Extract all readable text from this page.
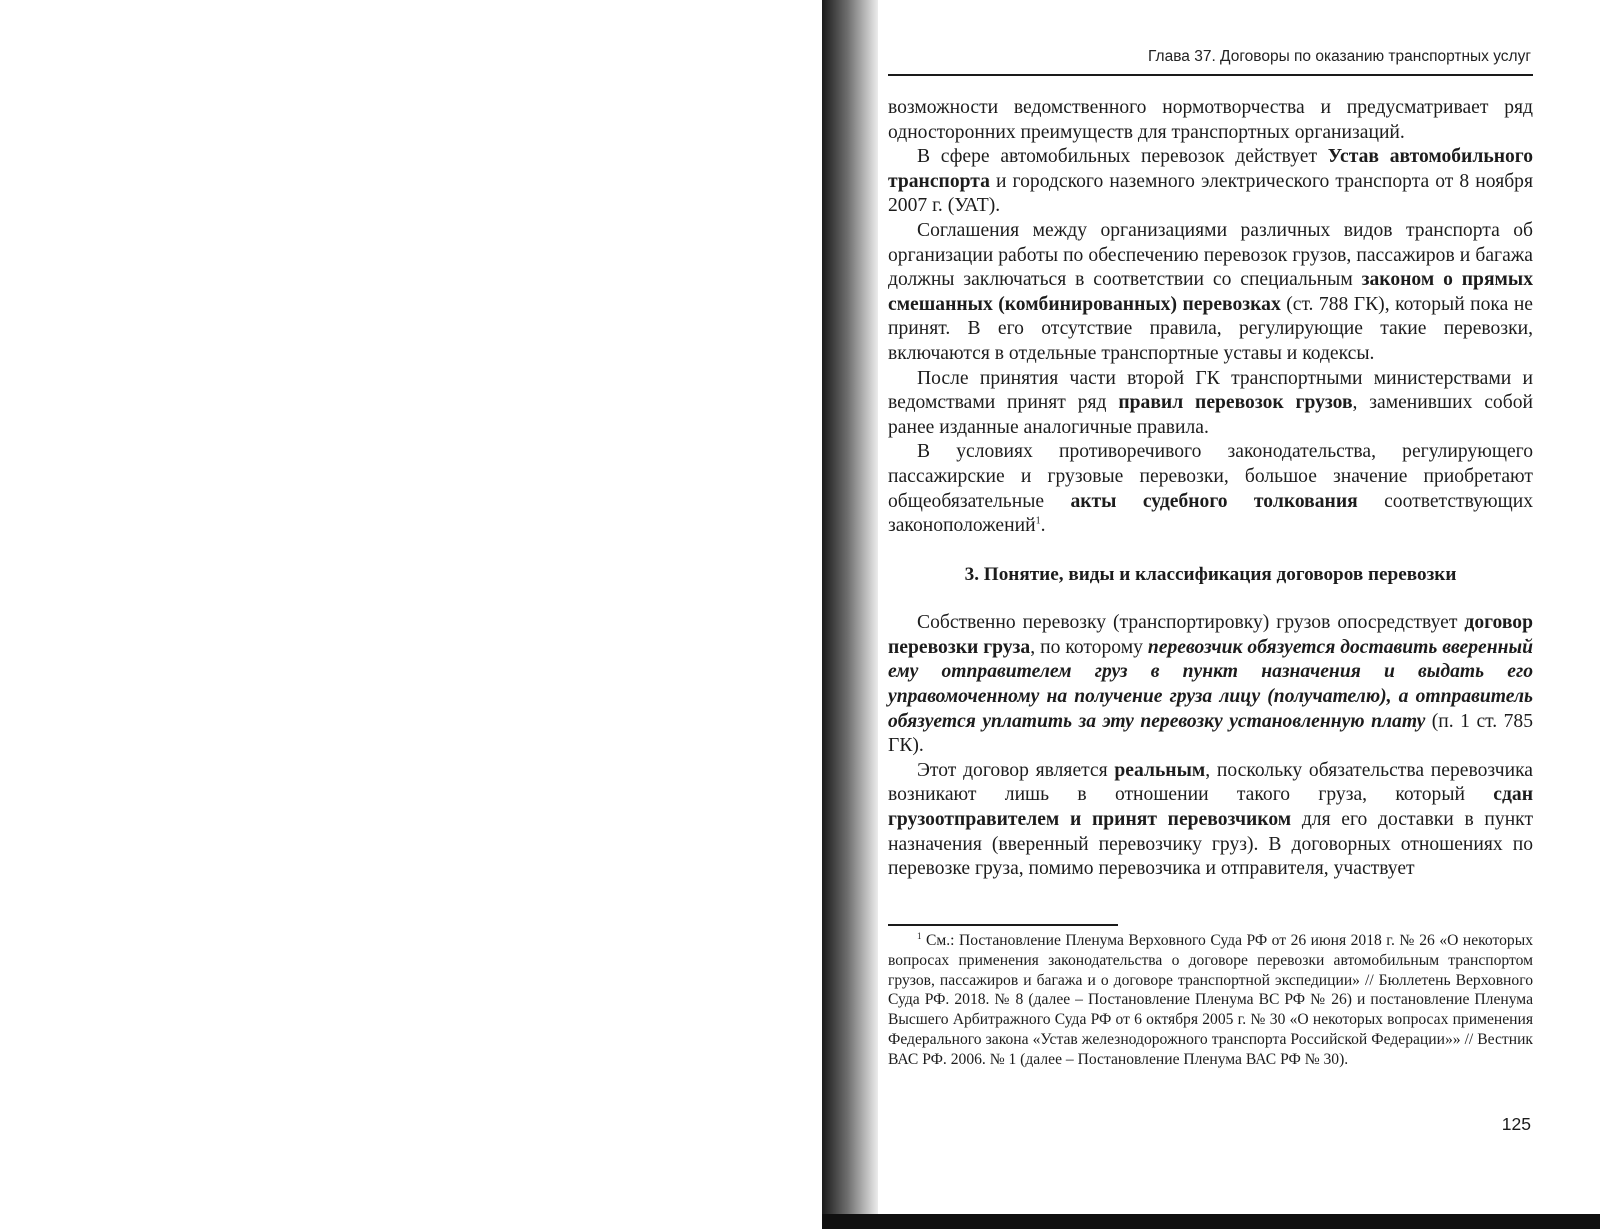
Глава 37. Договоры по оказанию транспортных услуг

возможности ведомственного нормотворчества и предусматривает ряд односторонних преимуществ для транспортных организаций.

В сфере автомобильных перевозок действует Устав автомобильного транспорта и городского наземного электрического транспорта от 8 ноября 2007 г. (УАТ).

Соглашения между организациями различных видов транспорта об организации работы по обеспечению перевозок грузов, пассажиров и багажа должны заключаться в соответствии со специальным законом о прямых смешанных (комбинированных) перевозках (ст. 788 ГК), который пока не принят. В его отсутствие правила, регулирующие такие перевозки, включаются в отдельные транспортные уставы и кодексы.

После принятия части второй ГК транспортными министерствами и ведомствами принят ряд правил перевозок грузов, заменивших собой ранее изданные аналогичные правила.

В условиях противоречивого законодательства, регулирующего пассажирские и грузовые перевозки, большое значение приобретают общеобязательные акты судебного толкования соответствующих законоположений$^1$.

3. Понятие, виды и классификация договоров перевозки

Собственно перевозку (транспортировку) грузов опосредствует договор перевозки груза, по которому перевозчик обязуется доставить вверенный ему отправителем груз в пункт назначения и выдать его управомоченному на получение груза лицу (получателю), а отправитель обязуется уплатить за эту перевозку установленную плату (п. 1 ст. 785 ГК).

Этот договор является реальным, поскольку обязательства перевозчика возникают лишь в отношении такого груза, который сдан грузоотправителем и принят перевозчиком для его доставки в пункт назначения (вверенный перевозчику груз). В договорных отношениях по перевозке груза, помимо перевозчика и отправителя, участвует

$^1$ См.: Постановление Пленума Верховного Суда РФ от 26 июня 2018 г. № 26 «О некоторых вопросах применения законодательства о договоре перевозки автомобильным транспортом грузов, пассажиров и багажа и о договоре транспортной экспедиции» // Бюллетень Верховного Суда РФ. 2018. № 8 (далее – Постановление Пленума ВС РФ № 26) и постановление Пленума Высшего Арбитражного Суда РФ от 6 октября 2005 г. № 30 «О некоторых вопросах применения Федерального закона «Устав железнодорожного транспорта Российской Федерации»» // Вестник ВАС РФ. 2006. № 1 (далее – Постановление Пленума ВАС РФ № 30).
125
